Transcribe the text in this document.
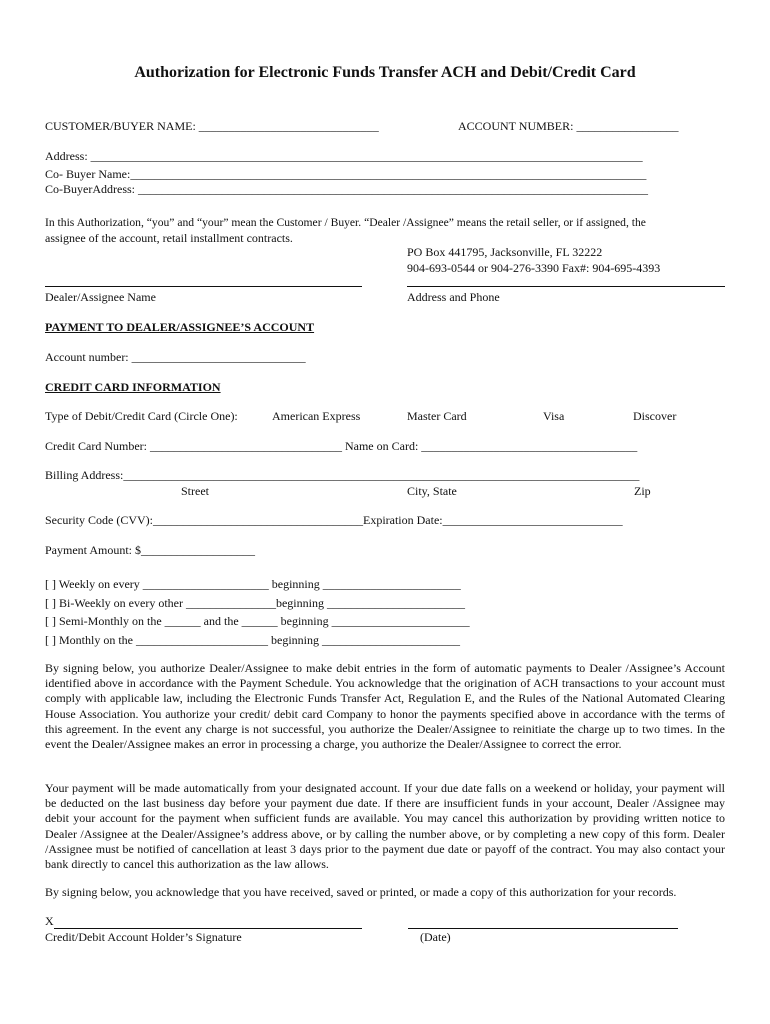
Authorization for Electronic Funds Transfer ACH and Debit/Credit Card
CUSTOMER/BUYER NAME: ______________________________	ACCOUNT NUMBER: _________________
Address: ____________________________________________________________________________________________
Co- Buyer Name:______________________________________________________________________________________
Co-BuyerAddress: _____________________________________________________________________________________
In this Authorization, “you” and “your” mean the Customer / Buyer. “Dealer /Assignee” means the retail seller, or if assigned, the
assignee of the account, retail installment contracts.
PO Box 441795, Jacksonville, FL 32222
904-693-0544 or 904-276-3390 Fax#: 904-695-4393
Dealer/Assignee Name	Address and Phone
PAYMENT TO DEALER/ASSIGNEE’S ACCOUNT
Account number: _____________________________
CREDIT CARD INFORMATION
Type of Debit/Credit Card (Circle One):	American Express	Master Card	Visa	Discover
Credit Card Number: ________________________________ Name on Card: ____________________________________
Billing Address:______________________________________________________________________________________
Street	City, State	Zip
Security Code (CVV):___________________________________Expiration Date:______________________________
Payment Amount: $___________________
[ ] Weekly on every _____________________ beginning _______________________
[ ] Bi-Weekly on every other _______________beginning _______________________
[ ] Semi-Monthly on the ______ and the ______ beginning _______________________
[ ] Monthly on the ______________________ beginning _______________________
By signing below, you authorize Dealer/Assignee to make debit entries in the form of automatic payments to Dealer /Assignee’s Account identified above in accordance with the Payment Schedule. You acknowledge that the origination of ACH transactions to your account must comply with applicable law, including the Electronic Funds Transfer Act, Regulation E, and the Rules of the National Automated Clearing House Association. You authorize your credit/ debit card Company to honor the payments specified above in accordance with the terms of this agreement. In the event any charge is not successful, you authorize the Dealer/Assignee to reinitiate the charge up to two times. In the event the Dealer/Assignee makes an error in processing a charge, you authorize the Dealer/Assignee to correct the error.
Your payment will be made automatically from your designated account. If your due date falls on a weekend or holiday, your payment will be deducted on the last business day before your payment due date. If there are insufficient funds in your account, Dealer /Assignee may debit your account for the payment when sufficient funds are available. You may cancel this authorization by providing written notice to Dealer /Assignee at the Dealer/Assignee’s address above, or by calling the number above, or by completing a new copy of this form. Dealer /Assignee must be notified of cancellation at least 3 days prior to the payment due date or payoff of the contract. You may also contact your bank directly to cancel this authorization as the law allows.
By signing below, you acknowledge that you have received, saved or printed, or made a copy of this authorization for your records.
X
Credit/Debit Account Holder’s Signature	(Date)
